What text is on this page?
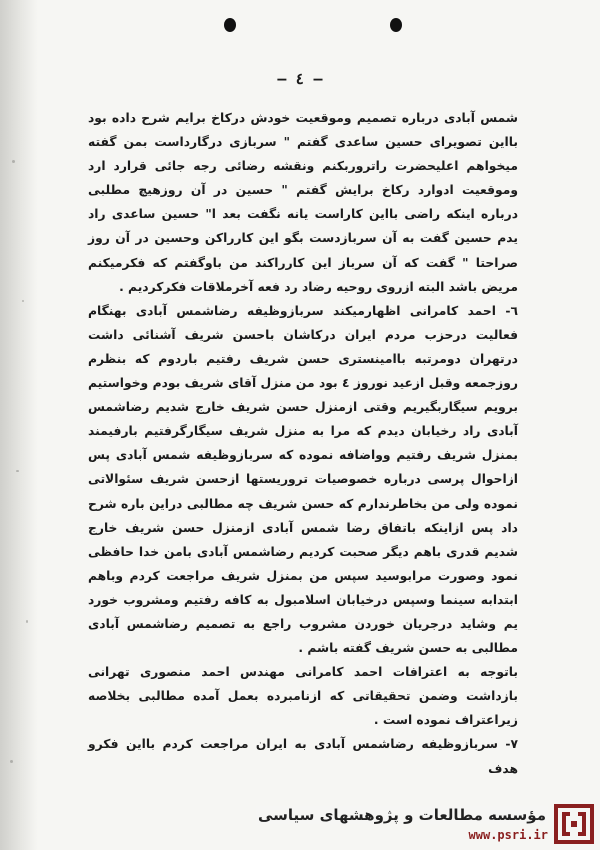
— ٤ —

شمس آبادی درباره تصمیم وموقعیت خودش درکاخ برایم شرح داده بود بااین تصویرای حسین ساعدی گفتم " سربازی درگارداست بمن گفته میخواهم اعلیحضرت راتروربکنم ونقشه رضائی رجه جائی قرارد ارد وموقعیت ادوارد رکاخ برایش گفتم " حسین در آن روزهیچ مطلبی درباره اینکه راضی بااین کاراست یانه نگفت بعد ا" حسین ساعدی راد یدم حسین گفت به آن سربازدست بگو این کارراکن وحسین در آن روز صراحتا " گفت که آن سرباز این کارراکند من باوگفتم که فکرمیکنم مریض باشد البته ازروی روحیه رضاد رد فعه آخرملاقات فکرکردیم .

٦- احمد کامرانی اظهارمیکند سربازوظیفه رضاشمس آبادی بهنگام فعالیت درحزب مردم ایران درکاشان باحسن شریف آشنائی داشت درتهران دومرتبه باامینستری حسن شریف رفتیم باردوم که بنظرم روزجمعه وقبل ازعید نوروز ٤ بود من منزل آقای شریف بودم وخواستیم برویم سیگاربگیریم وقتی ازمنزل حسن شریف خارج شدیم رضاشمس آبادی راد رخیابان دیدم که مرا به منزل شریف سیگارگرفتیم بارفیمند بمنزل شریف رفتیم وواضافه نموده که سربازوظیفه شمس آبادی پس ازاحوال پرسی درباره خصوصیات تروریستها ازحسن شریف سئوالاتی نموده ولی من بخاطرندارم که حسن شریف چه مطالبی دراین باره شرح داد پس ازاینکه باتفاق رضا شمس آبادی ازمنزل حسن شریف خارج شدیم قدری باهم دیگر صحبت کردیم رضاشمس آبادی بامن خدا حافظی نمود وصورت مرابوسید سپس من بمنزل شریف مراجعت کردم وباهم ابتدابه سینما وسپس درخیابان اسلامبول به کافه رفتیم ومشروب خورد یم وشاید درجریان خوردن مشروب راجع به تصمیم رضاشمس آبادی مطالبی به حسن شریف گفته باشم .

باتوجه به اعترافات احمد کامرانی مهندس احمد منصوری تهرانی بازداشت وضمن تحقیقاتی که ازنامبرده بعمل آمده مطالبی بخلاصه زیراعتراف نموده است .

٧- سربازوظیفه رضاشمس آبادی به ایران مراجعت کردم بااین فکرو هدف

مؤسسه مطالعات و پژوهشهای سیاسی
www.psri.ir
